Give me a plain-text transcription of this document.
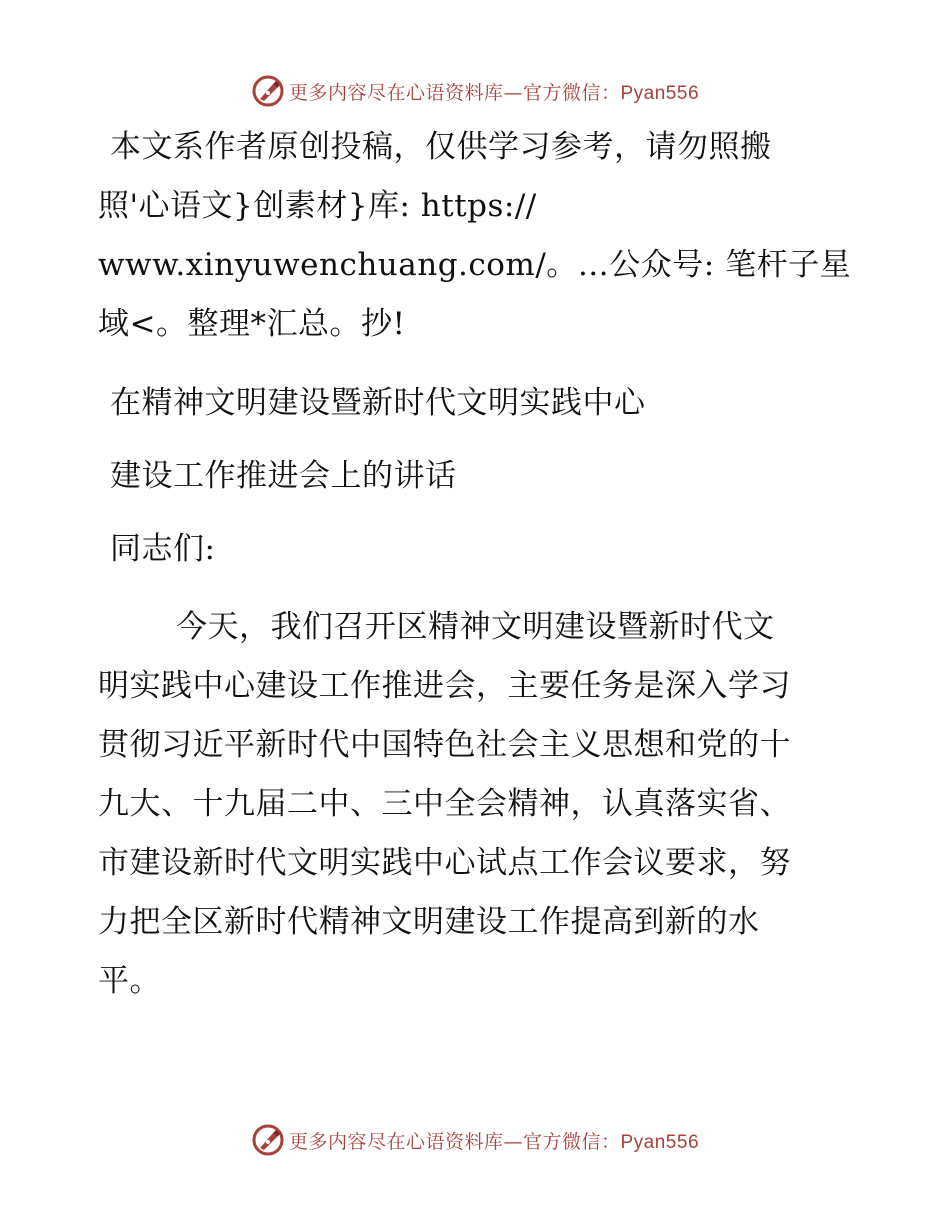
更多内容尽在心语资料库—官方微信：Pyan556
本文系作者原创投稿，仅供学习参考，请勿照搬
照'心语文}创素材}库: https://
www.xinyuwenchuang.com/。…公众号: 笔杆子星
域<。整理*汇总。抄!
在精神文明建设暨新时代文明实践中心
建设工作推进会上的讲话
同志们:
今天，我们召开区精神文明建设暨新时代文
明实践中心建设工作推进会，主要任务是深入学习
贯彻习近平新时代中国特色社会主义思想和党的十
九大、十九届二中、三中全会精神，认真落实省、
市建设新时代文明实践中心试点工作会议要求，努
力把全区新时代精神文明建设工作提高到新的水
平。
更多内容尽在心语资料库—官方微信：Pyan556
